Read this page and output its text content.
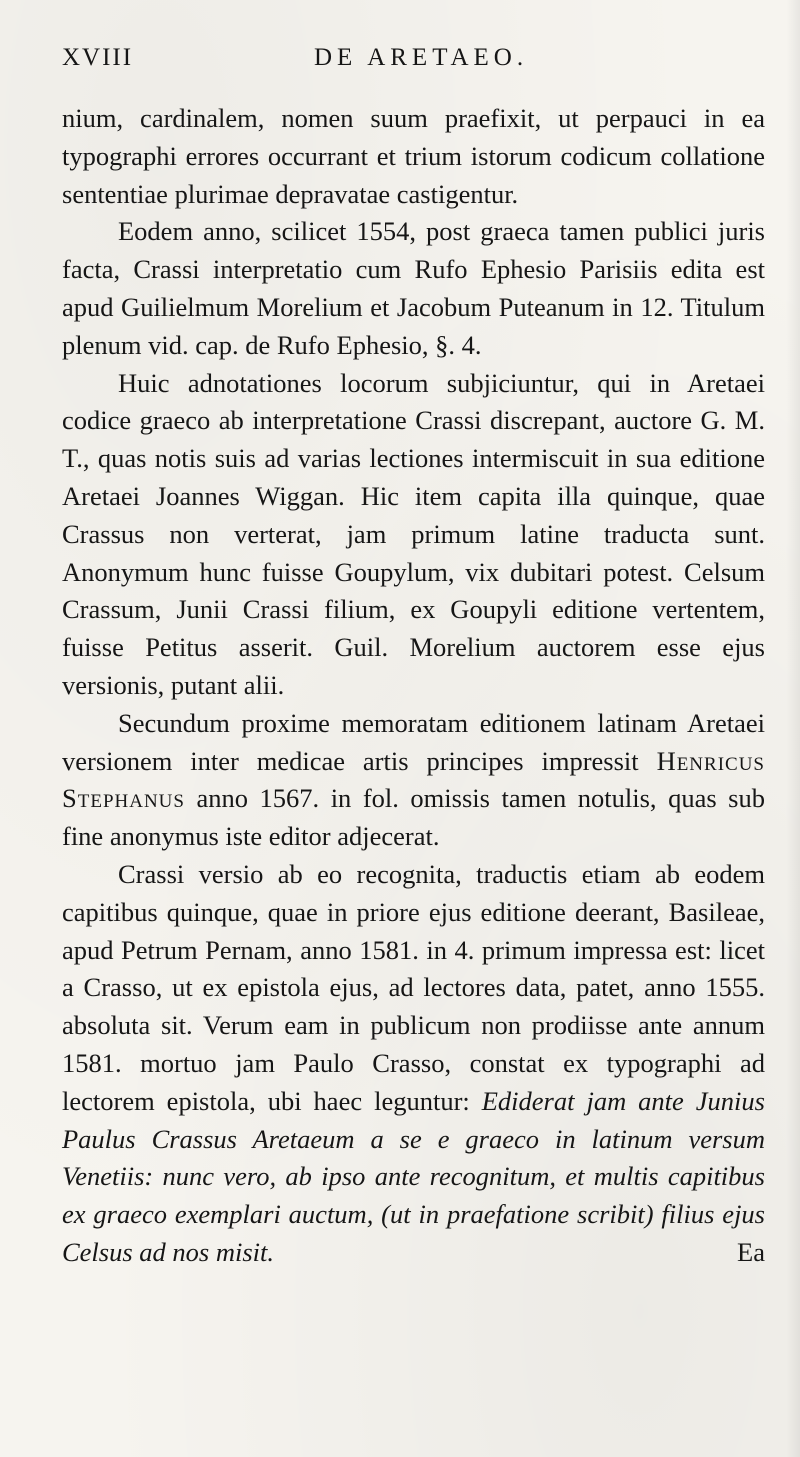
XVIII	DE ARETAEO.

nium, cardinalem, nomen suum praefixit, ut perpauci in ea typographi errores occurrant et trium istorum codicum collatione sententiae plurimae depravatae castigentur.

Eodem anno, scilicet 1554, post graeca tamen publici juris facta, Crassi interpretatio cum Rufo Ephesio Parisiis edita est apud Guilielmum Morelium et Jacobum Puteanum in 12. Titulum plenum vid. cap. de Rufo Ephesio, §. 4.

Huic adnotationes locorum subjiciuntur, qui in Aretaei codice graeco ab interpretatione Crassi discrepant, auctore G. M. T., quas notis suis ad varias lectiones intermiscuit in sua editione Aretaei Joannes Wiggan. Hic item capita illa quinque, quae Crassus non verterat, jam primum latine traducta sunt. Anonymum hunc fuisse Goupylum, vix dubitari potest. Celsum Crassum, Junii Crassi filium, ex Goupyli editione vertentem, fuisse Petitus asserit. Guil. Morelium auctorem esse ejus versionis, putant alii.

Secundum proxime memoratam editionem latinam Aretaei versionem inter medicae artis principes impressit Henricus Stephanus anno 1567. in fol. omissis tamen notulis, quas sub fine anonymus iste editor adjecerat.

Crassi versio ab eo recognita, traductis etiam ab eodem capitibus quinque, quae in priore ejus editione deerant, Basileae, apud Petrum Pernam, anno 1581. in 4. primum impressa est: licet a Crasso, ut ex epistola ejus, ad lectores data, patet, anno 1555. absoluta sit. Verum eam in publicum non prodiisse ante annum 1581. mortuo jam Paulo Crasso, constat ex typographi ad lectorem epistola, ubi haec leguntur: Ediderat jam ante Junius Paulus Crassus Aretaeum a se e graeco in latinum versum Venetiis: nunc vero, ab ipso ante recognitum, et multis capitibus ex graeco exemplari auctum, (ut in praefatione scribit) filius ejus Celsus ad nos misit.	Ea
